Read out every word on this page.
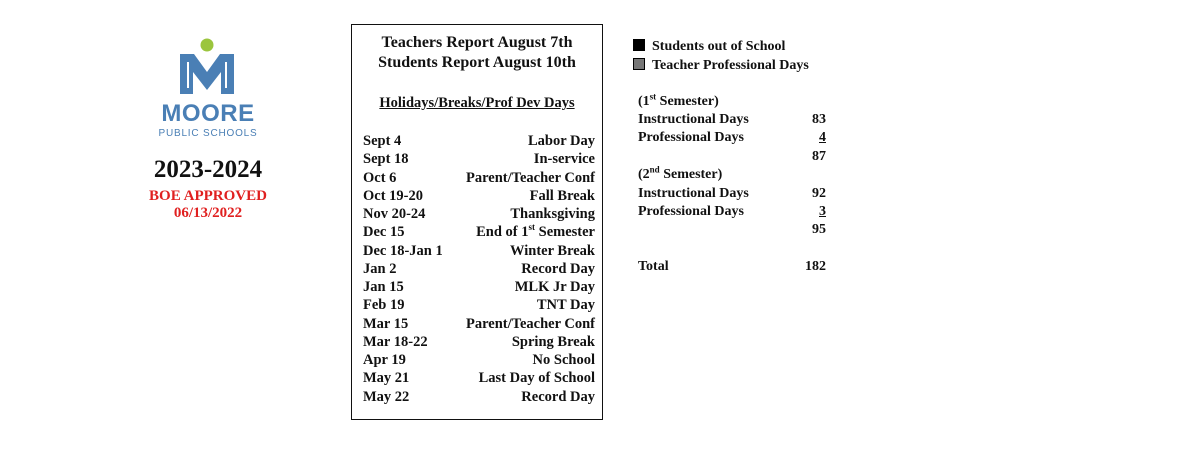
MOORE
PUBLIC SCHOOLS
2023-2024
BOE APPROVED
06/13/2022
Teachers Report August 7th
Students Report August 10th
Holidays/Breaks/Prof Dev Days
Sept 4	Labor Day
Sept 18	In-service
Oct 6	Parent/Teacher Conf
Oct 19-20	Fall Break
Nov 20-24	Thanksgiving
Dec 15	End of 1st Semester
Dec 18-Jan 1	Winter Break
Jan 2	Record Day
Jan 15	MLK Jr Day
Feb 19	TNT Day
Mar 15	Parent/Teacher Conf
Mar 18-22	Spring Break
Apr 19	No School
May 21	Last Day of School
May 22	Record Day
Students out of School
Teacher Professional Days
(1st Semester)
Instructional Days	83
Professional Days	4
87
(2nd Semester)
Instructional Days	92
Professional Days	3
95
Total	182
